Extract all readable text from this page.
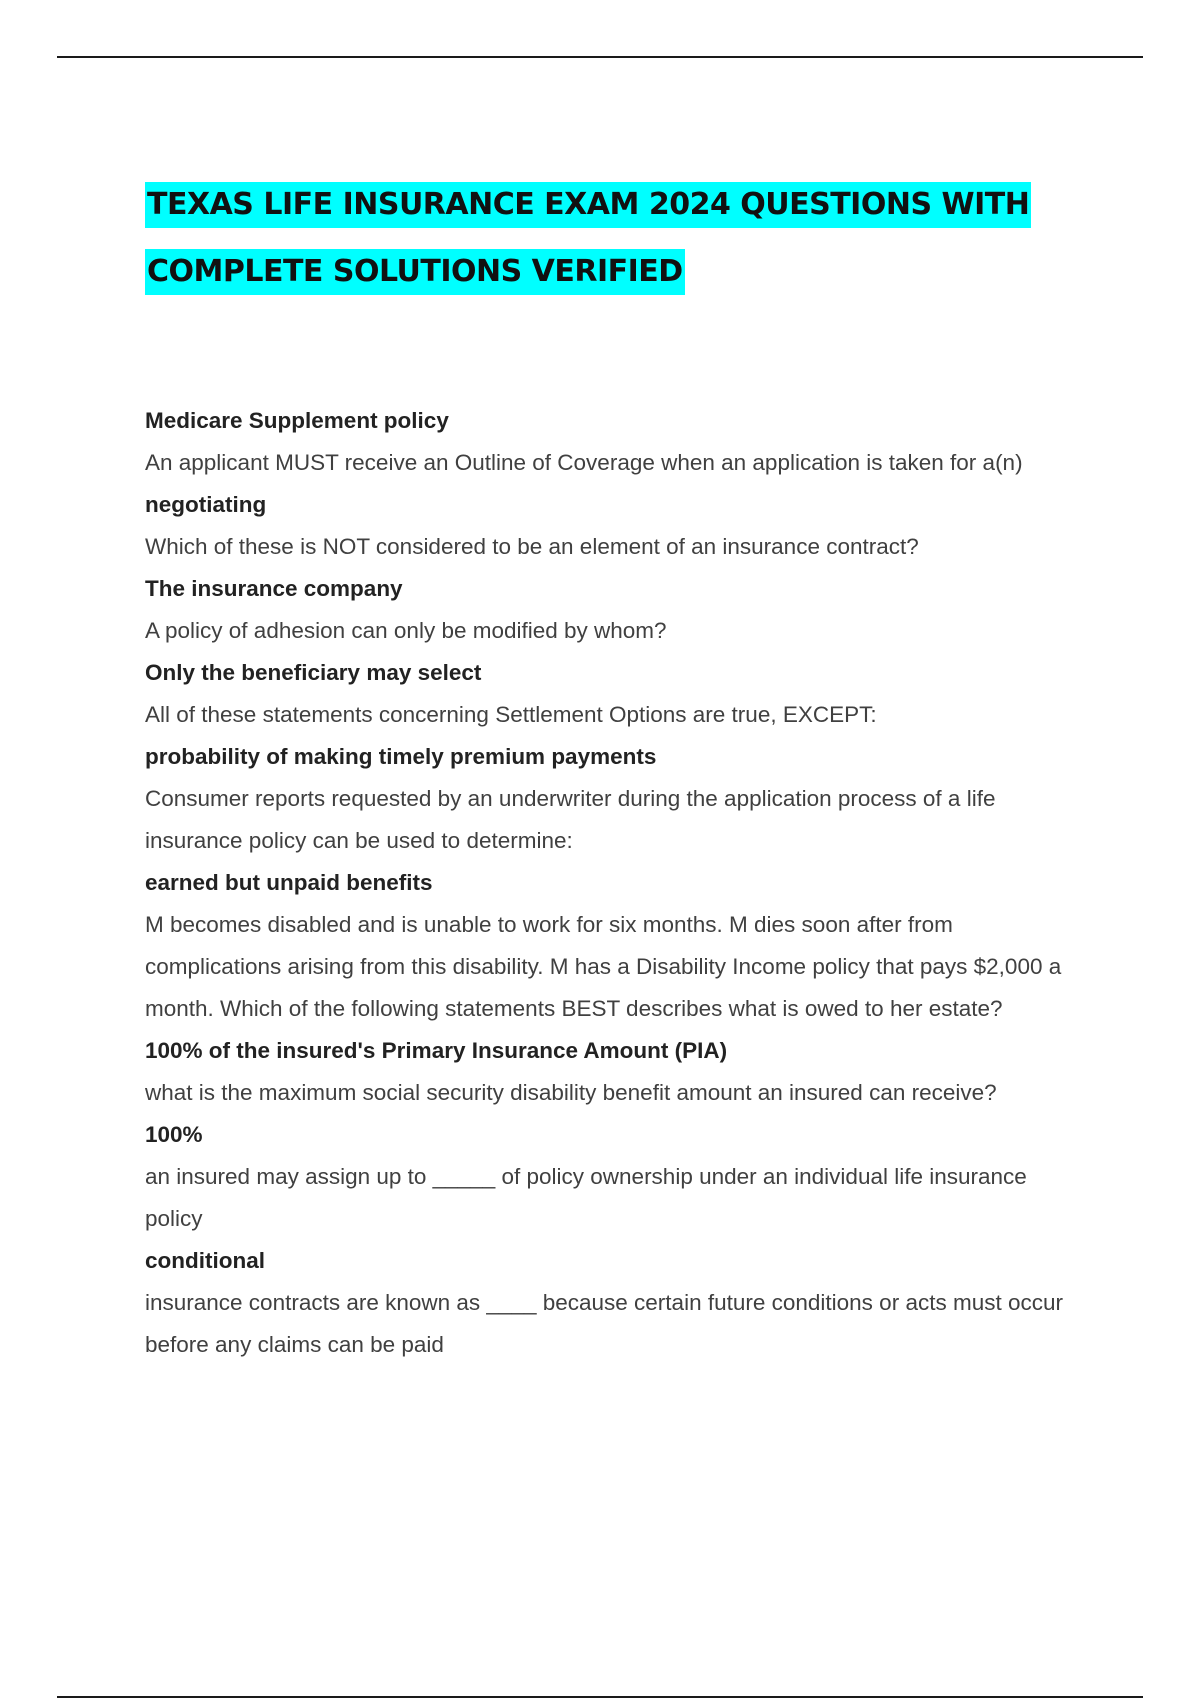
TEXAS LIFE INSURANCE EXAM 2024 QUESTIONS WITH
COMPLETE SOLUTIONS VERIFIED
Medicare Supplement policy
An applicant MUST receive an Outline of Coverage when an application is taken for a(n)
negotiating
Which of these is NOT considered to be an element of an insurance contract?
The insurance company
A policy of adhesion can only be modified by whom?
Only the beneficiary may select
All of these statements concerning Settlement Options are true, EXCEPT:
probability of making timely premium payments
Consumer reports requested by an underwriter during the application process of a life insurance policy can be used to determine:
earned but unpaid benefits
M becomes disabled and is unable to work for six months. M dies soon after from complications arising from this disability. M has a Disability Income policy that pays $2,000 a month. Which of the following statements BEST describes what is owed to her estate?
100% of the insured's Primary Insurance Amount (PIA)
what is the maximum social security disability benefit amount an insured can receive?
100%
an insured may assign up to _____ of policy ownership under an individual life insurance policy
conditional
insurance contracts are known as ____ because certain future conditions or acts must occur before any claims can be paid
